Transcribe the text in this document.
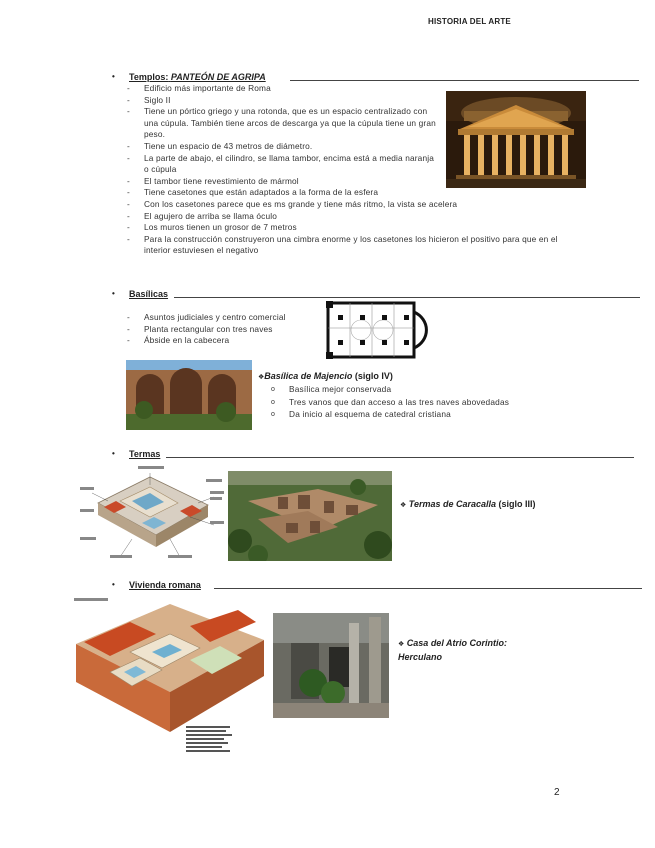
HISTORIA DEL ARTE
• Templos: PANTEÓN DE AGRIPA
- Edificio más importante de Roma
- Siglo II
- Tiene un pórtico griego y una rotonda, que es un espacio centralizado con una cúpula. También tiene arcos de descarga ya que la cúpula tiene un gran peso.
- Tiene un espacio de 43 metros de diámetro.
- La parte de abajo, el cilindro, se llama tambor, encima está a media naranja o cúpula
- El tambor tiene revestimiento de mármol
- Tiene casetones que están adaptados a la forma de la esfera
- Con los casetones parece que es ms grande y tiene más ritmo, la vista se acelera
- El agujero de arriba se llama óculo
- Los muros tienen un grosor de 7 metros
- Para la construcción construyeron una cimbra enorme y los casetones los hicieron el positivo para que en el interior estuviesen el negativo
• Basílicas
- Asuntos judiciales y centro comercial
- Planta rectangular con tres naves
- Ábside en la cabecera
❖Basílica de Majencio (siglo IV)
o Basílica mejor conservada
o Tres vanos que dan acceso a las tres naves abovedadas
o Da inicio al esquema de catedral cristiana
• Termas
❖ Termas de Caracalla (siglo III)
• Vivienda romana
❖ Casa del Atrio Corintio:
Herculano
2
